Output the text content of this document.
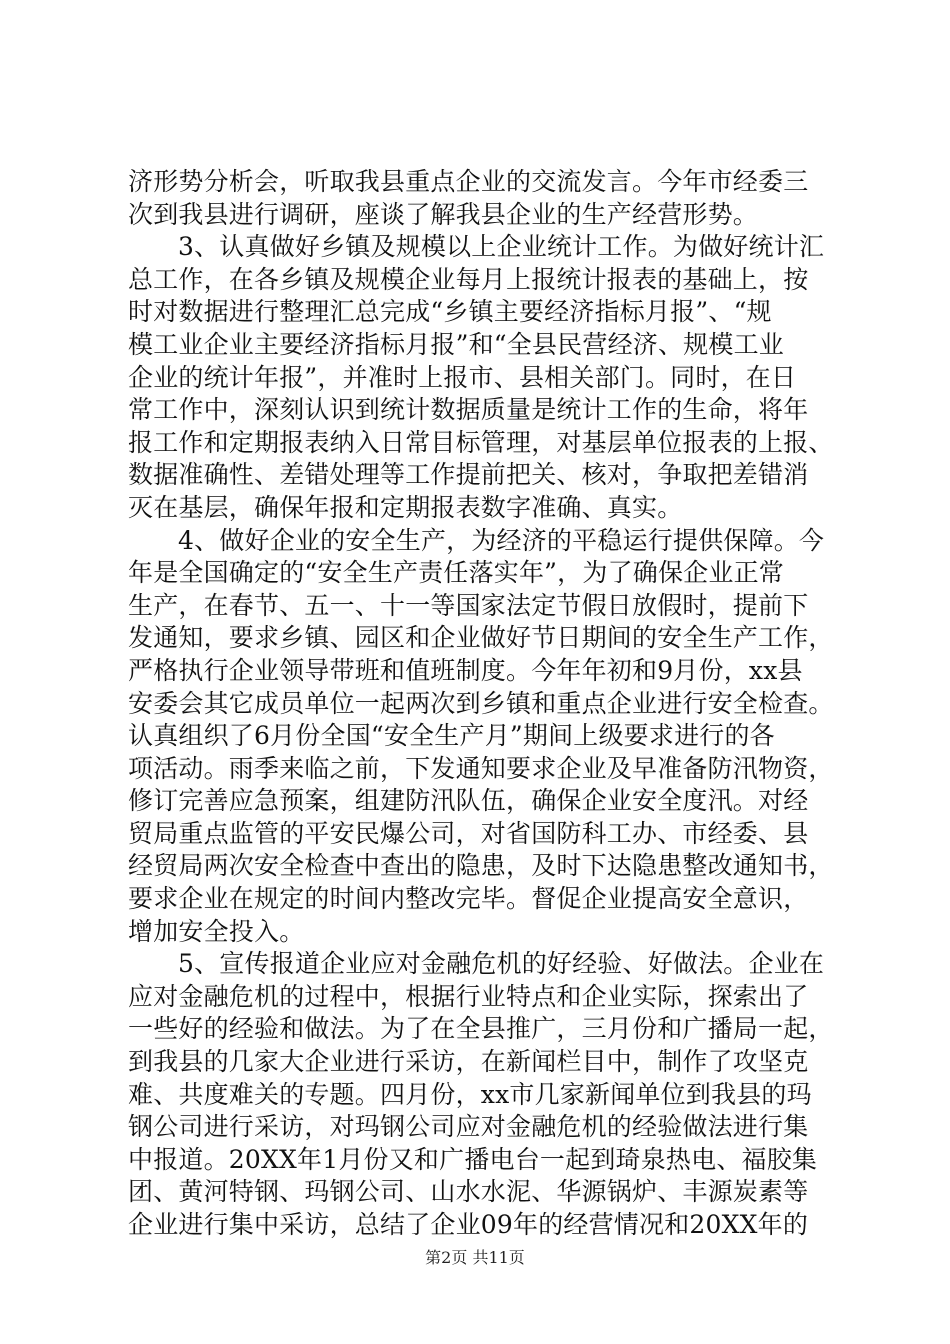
济形势分析会，听取我县重点企业的交流发言。今年市经委三
次到我县进行调研，座谈了解我县企业的生产经营形势。
3、认真做好乡镇及规模以上企业统计工作。为做好统计汇
总工作，在各乡镇及规模企业每月上报统计报表的基础上，按
时对数据进行整理汇总完成“乡镇主要经济指标月报”、“规
模工业企业主要经济指标月报”和“全县民营经济、规模工业
企业的统计年报”，并准时上报市、县相关部门。同时，在日
常工作中，深刻认识到统计数据质量是统计工作的生命，将年
报工作和定期报表纳入日常目标管理，对基层单位报表的上报、
数据准确性、差错处理等工作提前把关、核对，争取把差错消
灭在基层，确保年报和定期报表数字准确、真实。
4、做好企业的安全生产，为经济的平稳运行提供保障。今
年是全国确定的“安全生产责任落实年”，为了确保企业正常
生产，在春节、五一、十一等国家法定节假日放假时，提前下
发通知，要求乡镇、园区和企业做好节日期间的安全生产工作，
严格执行企业领导带班和值班制度。今年年初和9月份，xx县
安委会其它成员单位一起两次到乡镇和重点企业进行安全检查。
认真组织了6月份全国“安全生产月”期间上级要求进行的各
项活动。雨季来临之前，下发通知要求企业及早准备防汛物资，
修订完善应急预案，组建防汛队伍，确保企业安全度汛。对经
贸局重点监管的平安民爆公司，对省国防科工办、市经委、县
经贸局两次安全检查中查出的隐患，及时下达隐患整改通知书，
要求企业在规定的时间内整改完毕。督促企业提高安全意识，
增加安全投入。
5、宣传报道企业应对金融危机的好经验、好做法。企业在
应对金融危机的过程中，根据行业特点和企业实际，探索出了
一些好的经验和做法。为了在全县推广，三月份和广播局一起，
到我县的几家大企业进行采访，在新闻栏目中，制作了攻坚克
难、共度难关的专题。四月份，xx市几家新闻单位到我县的玛
钢公司进行采访，对玛钢公司应对金融危机的经验做法进行集
中报道。20XX年1月份又和广播电台一起到琦泉热电、福胶集
团、黄河特钢、玛钢公司、山水水泥、华源锅炉、丰源炭素等
企业进行集中采访，总结了企业09年的经营情况和20XX年的
第2页 共11页
